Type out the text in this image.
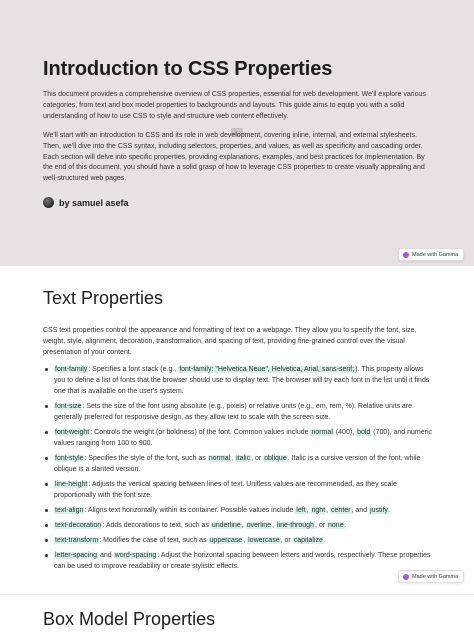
Introduction to CSS Properties

This document provides a comprehensive overview of CSS properties, essential for web development. We'll explore various categories, from text and box model properties to backgrounds and layouts. This guide aims to equip you with a solid understanding of how to use CSS to style and structure web content effectively.

We'll start with an introduction to CSS and its role in web development, covering inline, internal, and external stylesheets. Then, we'll dive into the CSS syntax, including selectors, properties, and values, as well as specificity and cascading order. Each section will delve into specific properties, providing explanations, examples, and best practices for implementation. By the end of this document, you should have a solid grasp of how to leverage CSS properties to create visually appealing and well-structured web pages.

by samuel asefa
Made with Gamma
Text Properties

CSS text properties control the appearance and formatting of text on a webpage. They allow you to specify the font, size, weight, style, alignment, decoration, transformation, and spacing of text, providing fine-grained control over the visual presentation of your content.

font-family: Specifies a font stack (e.g., font-family: "Helvetica Neue", Helvetica, Arial, sans-serif;). This property allows you to define a list of fonts that the browser should use to display text. The browser will try each font in the list until it finds one that is available on the user's system.
font-size: Sets the size of the font using absolute (e.g., pixels) or relative units (e.g., em, rem, %). Relative units are generally preferred for responsive design, as they allow text to scale with the screen size.
font-weight: Controls the weight (or boldness) of the font. Common values include normal (400), bold (700), and numeric values ranging from 100 to 900.
font-style: Specifies the style of the font, such as normal, italic, or oblique. Italic is a cursive version of the font, while oblique is a slanted version.
line-height: Adjusts the vertical spacing between lines of text. Unitless values are recommended, as they scale proportionally with the font size.
text-align: Aligns text horizontally within its container. Possible values include left, right, center, and justify.
text-decoration: Adds decorations to text, such as underline, overline, line-through, or none.
text-transform: Modifies the case of text, such as uppercase, lowercase, or capitalize.
letter-spacing and word-spacing: Adjust the horizontal spacing between letters and words, respectively. These properties can be used to improve readability or create stylistic effects.
Made with Gamma
Box Model Properties
